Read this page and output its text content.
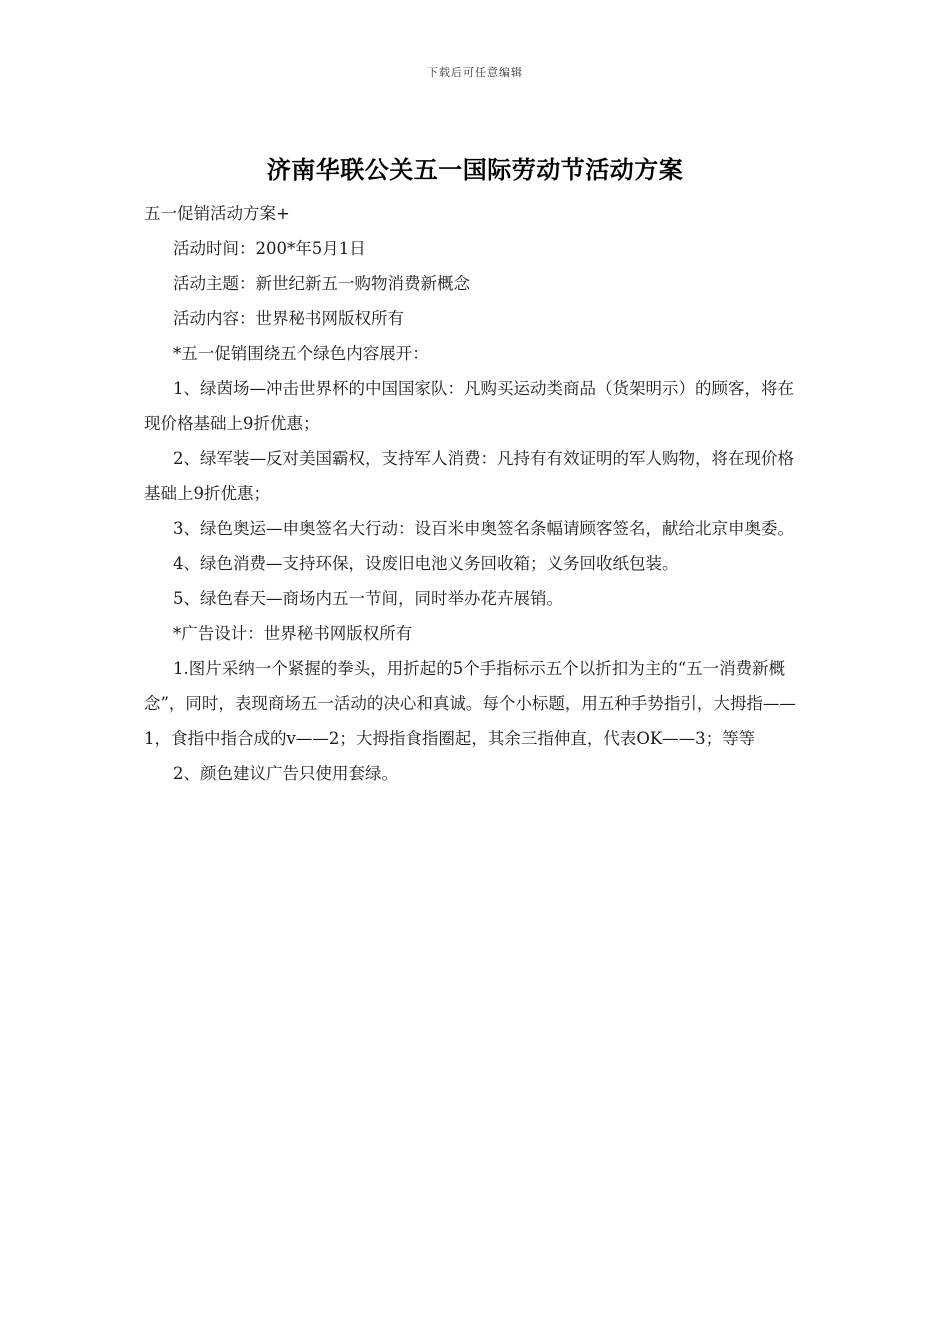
下载后可任意编辑
济南华联公关五一国际劳动节活动方案

五一促销活动方案+

活动时间：200*年5月1日

活动主题：新世纪新五一购物消费新概念

活动内容：世界秘书网版权所有

*五一促销围绕五个绿色内容展开：

1、绿茵场—冲击世界杯的中国国家队：凡购买运动类商品（货架明示）的顾客，将在现价格基础上9折优惠；

2、绿军装—反对美国霸权，支持军人消费：凡持有有效证明的军人购物，将在现价格基础上9折优惠；

3、绿色奥运—申奥签名大行动：设百米申奥签名条幅请顾客签名，献给北京申奥委。

4、绿色消费—支持环保，设废旧电池义务回收箱；义务回收纸包装。

5、绿色春天—商场内五一节间，同时举办花卉展销。

*广告设计：世界秘书网版权所有

1.图片采纳一个紧握的拳头，用折起的5个手指标示五个以折扣为主的“五一消费新概念”，同时，表现商场五一活动的决心和真诚。每个小标题，用五种手势指引，大拇指——1，食指中指合成的v——2；大拇指食指圈起，其余三指伸直，代表OK——3；等等

2、颜色建议广告只使用套绿。
